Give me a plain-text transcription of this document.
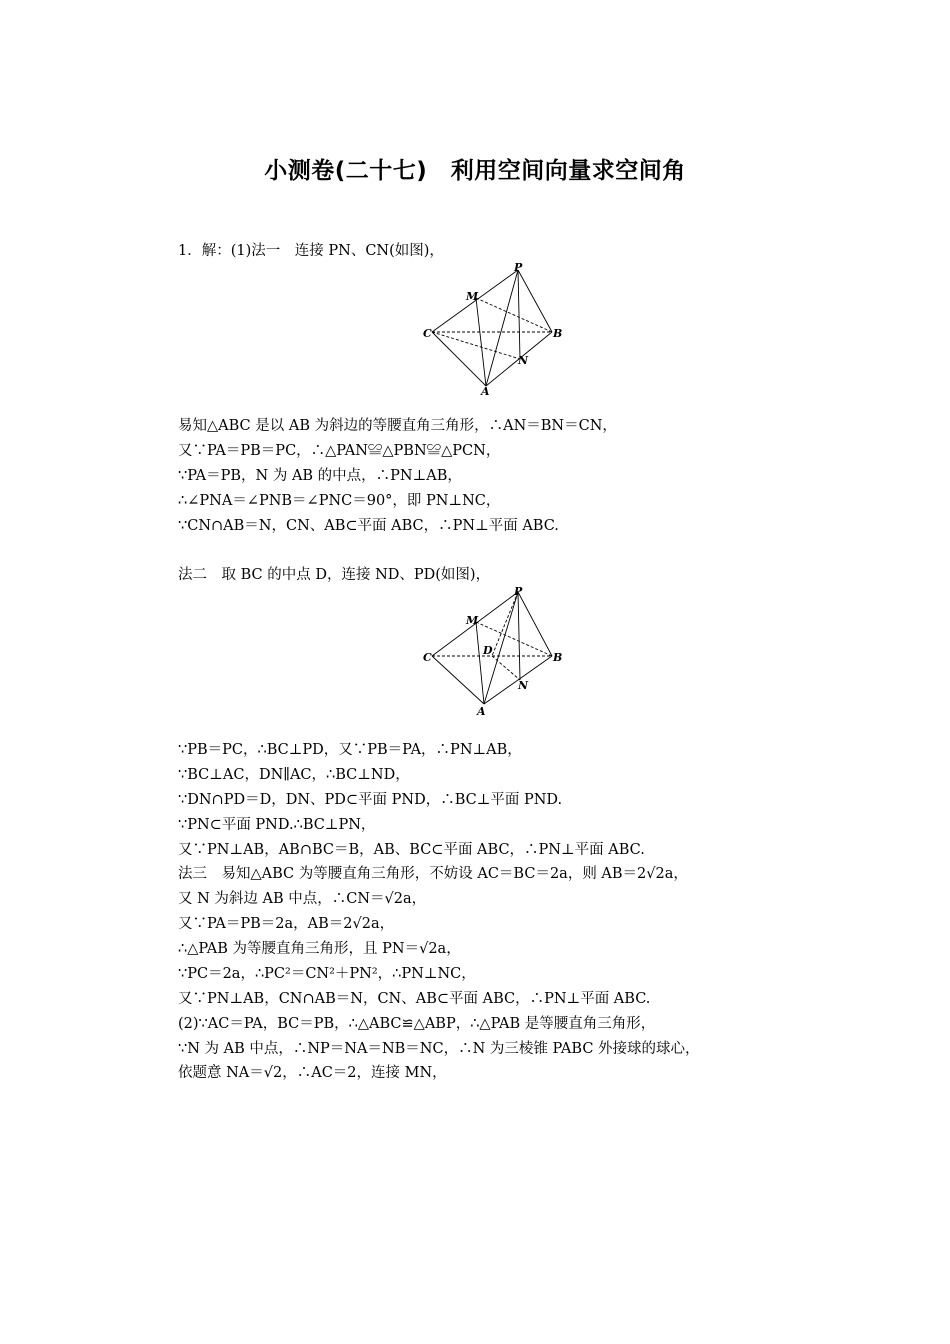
小测卷(二十七)　利用空间向量求空间角
1．解：(1)法一　连接 PN、CN(如图)，
P
M
C	B
N
A
易知△ABC 是以 AB 为斜边的等腰直角三角形，∴AN＝BN＝CN，
又∵PA＝PB＝PC，∴△PAN≌△PBN≌△PCN，
∵PA＝PB，N 为 AB 的中点，∴PN⊥AB，
∴∠PNA＝∠PNB＝∠PNC＝90°，即 PN⊥NC，
∵CN∩AB＝N，CN、AB⊂平面 ABC，∴PN⊥平面 ABC.
法二　取 BC 的中点 D，连接 ND、PD(如图)，
P
M
C
D
B
N
A
∵PB＝PC，∴BC⊥PD，又∵PB＝PA，∴PN⊥AB，
∵BC⊥AC，DN∥AC，∴BC⊥ND，
∵DN∩PD＝D，DN、PD⊂平面 PND，∴BC⊥平面 PND.
∵PN⊂平面 PND.∴BC⊥PN，
又∵PN⊥AB，AB∩BC＝B，AB、BC⊂平面 ABC，∴PN⊥平面 ABC.
法三　易知△ABC 为等腰直角三角形，不妨设 AC＝BC＝2a，则 AB＝2√2a，
又 N 为斜边 AB 中点，∴CN＝√2a，
又∵PA＝PB＝2a，AB＝2√2a，
∴△PAB 为等腰直角三角形，且 PN＝√2a，
∵PC＝2a，∴PC²＝CN²＋PN²，∴PN⊥NC，
又∵PN⊥AB，CN∩AB＝N，CN、AB⊂平面 ABC，∴PN⊥平面 ABC.
(2)∵AC＝PA，BC＝PB，∴△ABC≌△ABP，∴△PAB 是等腰直角三角形，
∵N 为 AB 中点，∴NP＝NA＝NB＝NC，∴N 为三棱锥 PABC 外接球的球心，
依题意 NA＝√2，∴AC＝2，连接 MN，
